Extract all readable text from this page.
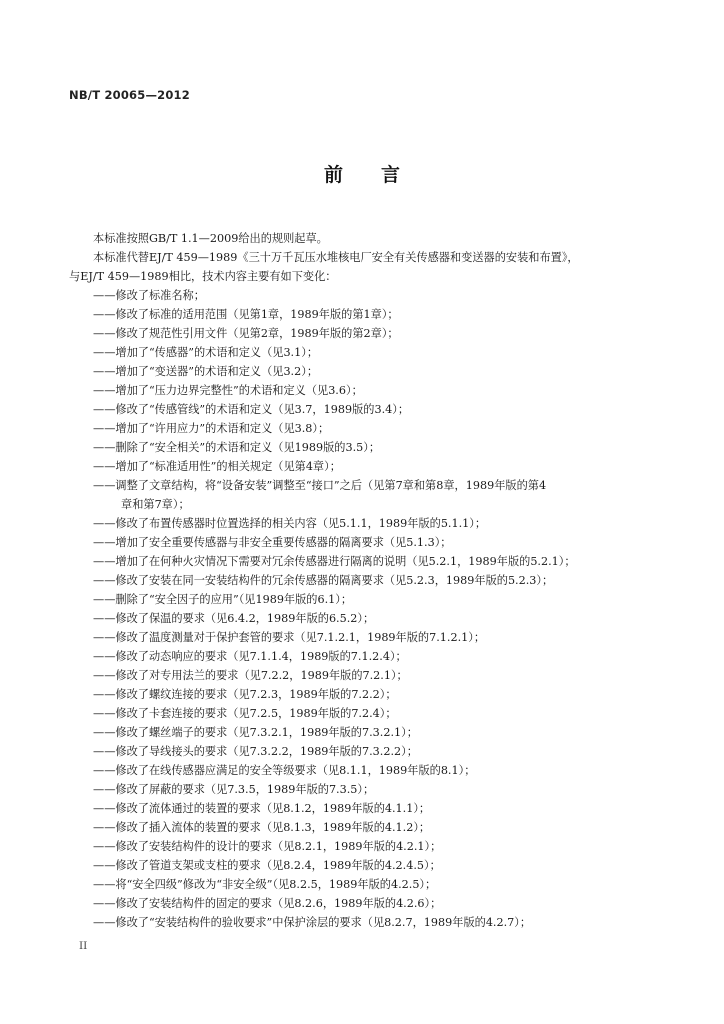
NB/T 20065—2012
前　　言

本标准按照GB/T 1.1—2009给出的规则起草。

本标准代替EJ/T 459—1989《三十万千瓦压水堆核电厂安全有关传感器和变送器的安装和布置》，

与EJ/T 459—1989相比，技术内容主要有如下变化：

——修改了标准名称；

——修改了标准的适用范围（见第1章，1989年版的第1章）；

——修改了规范性引用文件（见第2章，1989年版的第2章）；

——增加了“传感器”的术语和定义（见3.1）；

——增加了“变送器”的术语和定义（见3.2）；

——增加了“压力边界完整性”的术语和定义（见3.6）；

——修改了“传感管线”的术语和定义（见3.7，1989版的3.4）；

——增加了“许用应力”的术语和定义（见3.8）；

——删除了“安全相关”的术语和定义（见1989版的3.5）；

——增加了“标准适用性”的相关规定（见第4章）；

——调整了文章结构，将“设备安装”调整至“接口”之后（见第7章和第8章，1989年版的第4

章和第7章）；

——修改了布置传感器时位置选择的相关内容（见5.1.1，1989年版的5.1.1）；

——增加了安全重要传感器与非安全重要传感器的隔离要求（见5.1.3）；

——增加了在何种火灾情况下需要对冗余传感器进行隔离的说明（见5.2.1，1989年版的5.2.1）；

——修改了安装在同一安装结构件的冗余传感器的隔离要求（见5.2.3，1989年版的5.2.3）；

——删除了“安全因子的应用”（见1989年版的6.1）；

——修改了保温的要求（见6.4.2，1989年版的6.5.2）；

——修改了温度测量对于保护套管的要求（见7.1.2.1，1989年版的7.1.2.1）；

——修改了动态响应的要求（见7.1.1.4，1989版的7.1.2.4）；

——修改了对专用法兰的要求（见7.2.2，1989年版的7.2.1）；

——修改了螺纹连接的要求（见7.2.3，1989年版的7.2.2）；

——修改了卡套连接的要求（见7.2.5，1989年版的7.2.4）；

——修改了螺丝端子的要求（见7.3.2.1，1989年版的7.3.2.1）；

——修改了导线接头的要求（见7.3.2.2，1989年版的7.3.2.2）；

——修改了在线传感器应满足的安全等级要求（见8.1.1，1989年版的8.1）；

——修改了屏蔽的要求（见7.3.5，1989年版的7.3.5）；

——修改了流体通过的装置的要求（见8.1.2，1989年版的4.1.1）；

——修改了插入流体的装置的要求（见8.1.3，1989年版的4.1.2）；

——修改了安装结构件的设计的要求（见8.2.1，1989年版的4.2.1）；

——修改了管道支架或支柱的要求（见8.2.4，1989年版的4.2.4.5）；

——将“安全四级”修改为“非安全级”（见8.2.5，1989年版的4.2.5）；

——修改了安装结构件的固定的要求（见8.2.6，1989年版的4.2.6）；

——修改了“安装结构件的验收要求”中保护涂层的要求（见8.2.7，1989年版的4.2.7）；

II
